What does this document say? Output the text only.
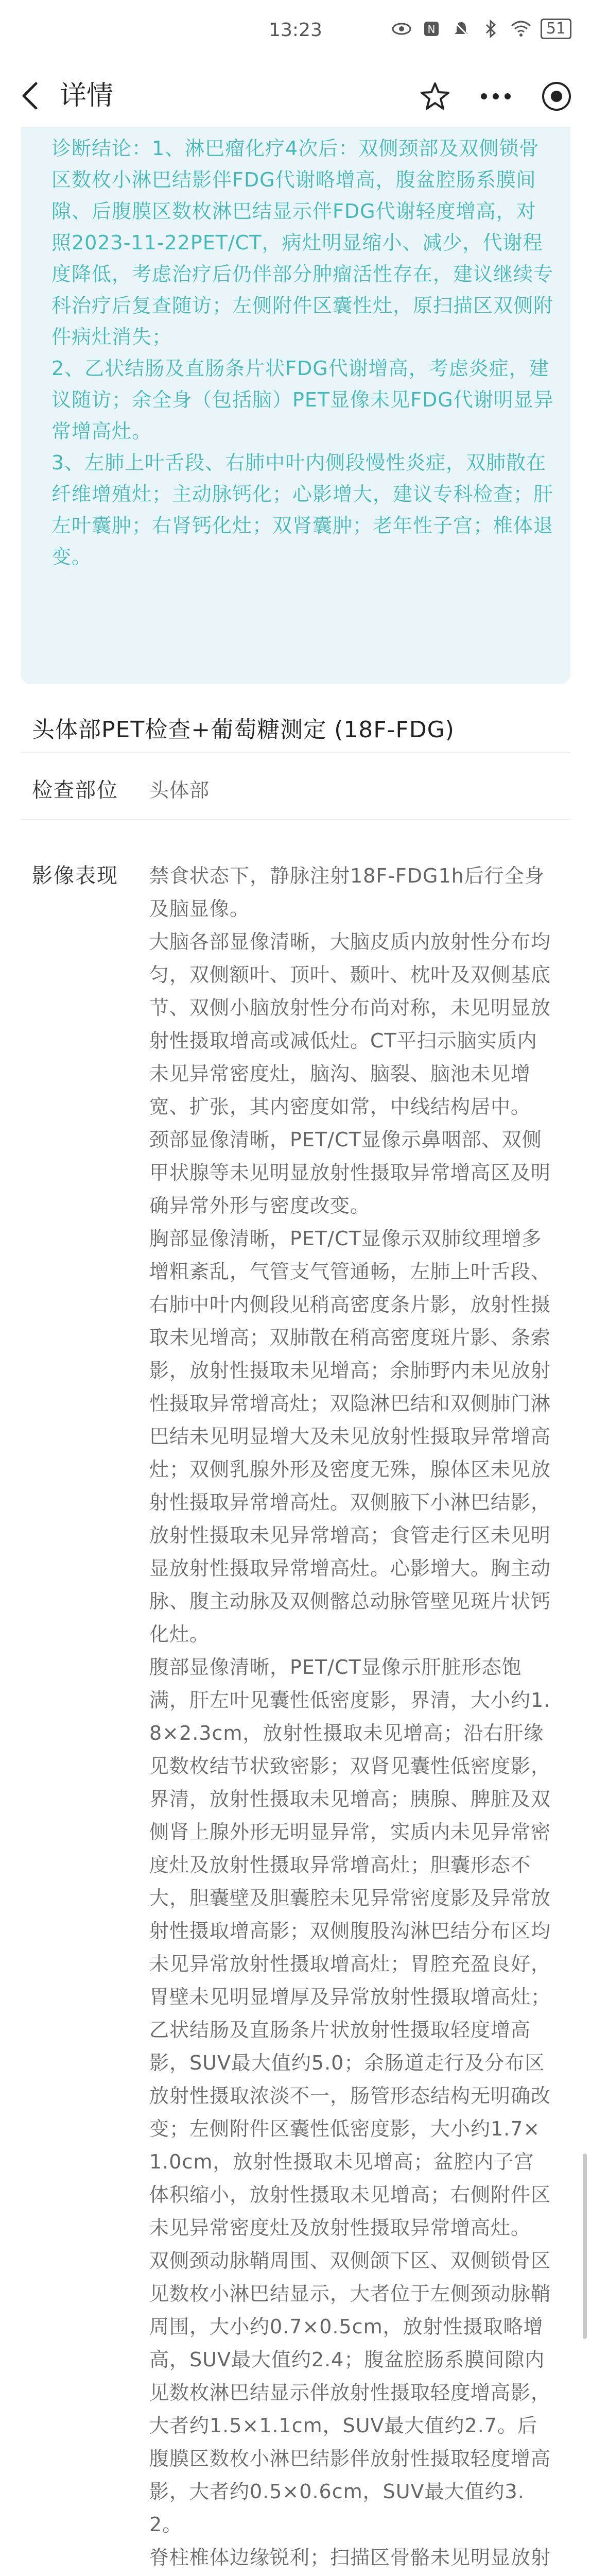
13:23	N	51
详情
诊断结论：1、淋巴瘤化疗4次后：双侧颈部及双侧锁骨区数枚小淋巴结影伴FDG代谢略增高，腹盆腔肠系膜间隙、后腹膜区数枚淋巴结显示伴FDG代谢轻度增高，对照2023-11-22PET/CT，病灶明显缩小、减少，代谢程度降低，考虑治疗后仍伴部分肿瘤活性存在，建议继续专科治疗后复查随访；左侧附件区囊性灶，原扫描区双侧附件病灶消失；
2、乙状结肠及直肠条片状FDG代谢增高，考虑炎症，建议随访；余全身（包括脑）PET显像未见FDG代谢明显异常增高灶。
3、左肺上叶舌段、右肺中叶内侧段慢性炎症，双肺散在纤维增殖灶；主动脉钙化；心影增大，建议专科检查；肝左叶囊肿；右肾钙化灶；双肾囊肿；老年性子宫；椎体退变。
头体部PET检查+葡萄糖测定 (18F-FDG)
检查部位 头体部
影像表现 禁食状态下，静脉注射18F-FDG1h后行全身及脑显像。
大脑各部显像清晰，大脑皮质内放射性分布均匀，双侧额叶、顶叶、颞叶、枕叶及双侧基底节、双侧小脑放射性分布尚对称，未见明显放射性摄取增高或减低灶。CT平扫示脑实质内未见异常密度灶，脑沟、脑裂、脑池未见增宽、扩张，其内密度如常，中线结构居中。
颈部显像清晰，PET/CT显像示鼻咽部、双侧甲状腺等未见明显放射性摄取异常增高区及明确异常外形与密度改变。
胸部显像清晰，PET/CT显像示双肺纹理增多增粗紊乱，气管支气管通畅，左肺上叶舌段、右肺中叶内侧段见稍高密度条片影，放射性摄取未见增高；双肺散在稍高密度斑片影、条索影，放射性摄取未见增高；余肺野内未见放射性摄取异常增高灶；双隐淋巴结和双侧肺门淋巴结未见明显增大及未见放射性摄取异常增高灶；双侧乳腺外形及密度无殊，腺体区未见放射性摄取异常增高灶。双侧腋下小淋巴结影，放射性摄取未见异常增高；食管走行区未见明显放射性摄取异常增高灶。心影增大。胸主动脉、腹主动脉及双侧髂总动脉管壁见斑片状钙化灶。
腹部显像清晰，PET/CT显像示肝脏形态饱满，肝左叶见囊性低密度影，界清，大小约1.8×2.3cm，放射性摄取未见增高；沿右肝缘见数枚结节状致密影；双肾见囊性低密度影，界清，放射性摄取未见增高；胰腺、脾脏及双侧肾上腺外形无明显异常，实质内未见异常密度灶及放射性摄取异常增高灶；胆囊形态不大，胆囊壁及胆囊腔未见异常密度影及异常放射性摄取增高影；双侧腹股沟淋巴结分布区均未见异常放射性摄取增高灶；胃腔充盈良好，胃壁未见明显增厚及异常放射性摄取增高灶；乙状结肠及直肠条片状放射性摄取轻度增高影，SUV最大值约5.0；余肠道走行及分布区放射性摄取浓淡不一，肠管形态结构无明确改变；左侧附件区囊性低密度影，大小约1.7×1.0cm，放射性摄取未见增高；盆腔内子宫体积缩小，放射性摄取未见增高；右侧附件区未见异常密度灶及放射性摄取异常增高灶。
双侧颈动脉鞘周围、双侧颌下区、双侧锁骨区见数枚小淋巴结显示，大者位于左侧颈动脉鞘周围，大小约0.7×0.5cm，放射性摄取略增高，SUV最大值约2.4；腹盆腔肠系膜间隙内见数枚淋巴结显示伴放射性摄取轻度增高影，大者约1.5×1.1cm，SUV最大值约2.7。后腹膜区数枚小淋巴结影伴放射性摄取轻度增高影，大者约0.5×0.6cm，SUV最大值约3.2。
脊柱椎体边缘锐利；扫描区骨骼未见明显放射
